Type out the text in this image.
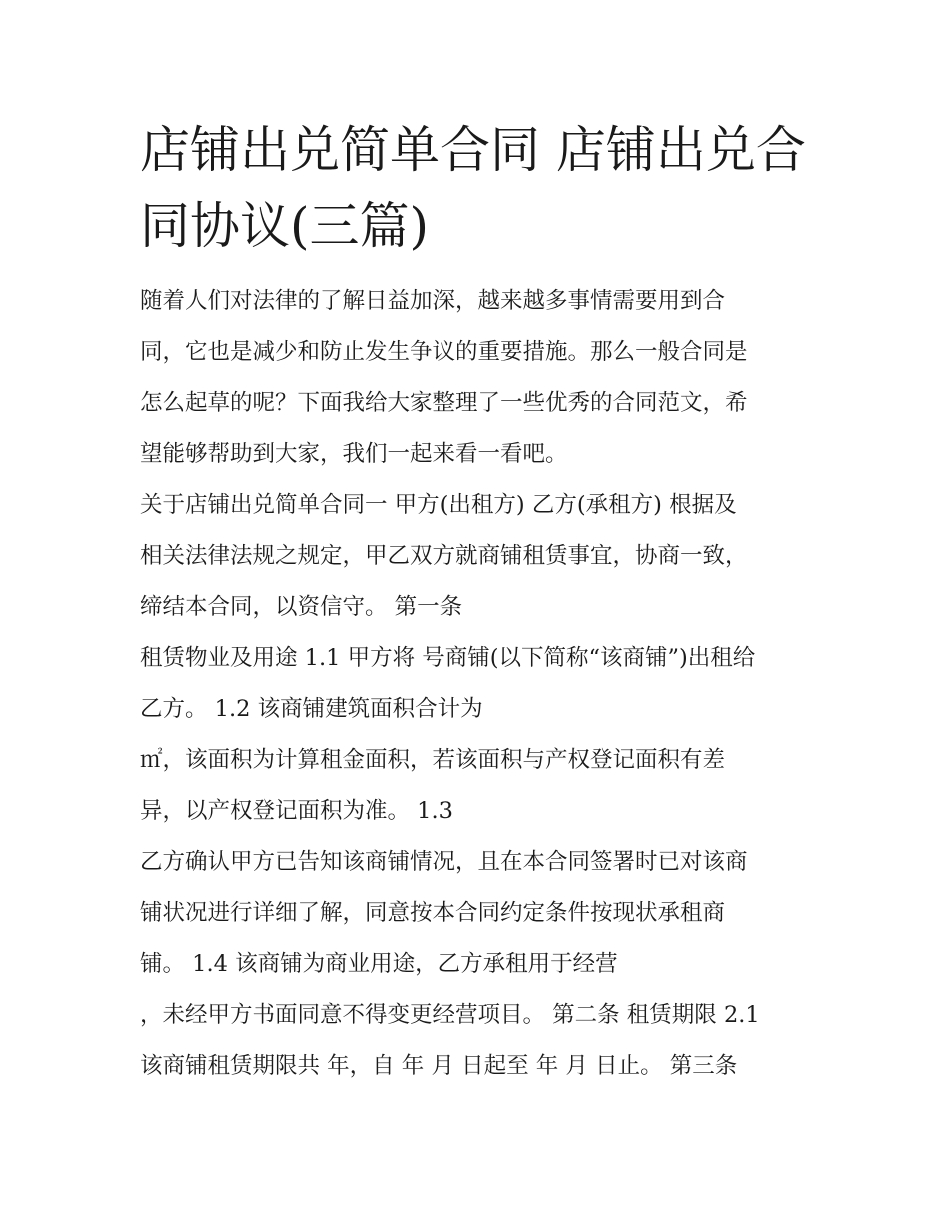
店铺出兑简单合同 店铺出兑合
同协议(三篇)
随着人们对法律的了解日益加深，越来越多事情需要用到合
同，它也是减少和防止发生争议的重要措施。那么一般合同是
怎么起草的呢？下面我给大家整理了一些优秀的合同范文，希
望能够帮助到大家，我们一起来看一看吧。
关于店铺出兑简单合同一 甲方(出租方) 乙方(承租方) 根据及
相关法律法规之规定，甲乙双方就商铺租赁事宜，协商一致，
缔结本合同，以资信守。 第一条
租赁物业及用途 1.1 甲方将 号商铺(以下简称“该商铺”)出租给
乙方。 1.2 该商铺建筑面积合计为
㎡，该面积为计算租金面积，若该面积与产权登记面积有差
异，以产权登记面积为准。 1.3
乙方确认甲方已告知该商铺情况，且在本合同签署时已对该商
铺状况进行详细了解，同意按本合同约定条件按现状承租商
铺。 1.4 该商铺为商业用途，乙方承租用于经营
，未经甲方书面同意不得变更经营项目。 第二条 租赁期限 2.1
该商铺租赁期限共 年，自 年 月 日起至 年 月 日止。 第三条
